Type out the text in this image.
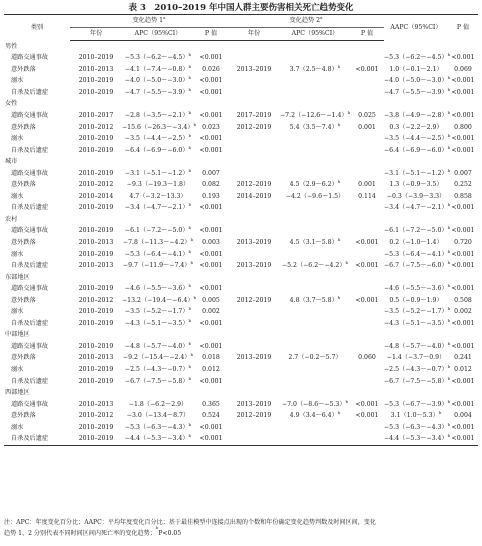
表 3　2010–2019 年中国人群主要伤害相关死亡趋势变化
类别	变化趋势 1$^a$			变化趋势 2$^a$			AAPC（95%CI）	P 值
	年份	APC（95%CI）	P 值	年份	APC（95%CI）	P 值		
男性								
道路交通事故	2010–2019	−5.3（−6.2～−4.5）$^b$	<0.001				−5.3（−6.2～−4.5）$^b$	<0.001
意外跌落	2010–2013	−4.1（−7.4～−0.8）$^b$	0.026	2013–2019	3.7（2.5～4.8）$^b$	<0.001	1.0（−0.1～2.1）	0.069
溺水	2010–2019	−4.0（−5.0～−3.0）$^b$	<0.001				−4.0（−5.0～−3.0）$^b$	<0.001
自杀及后遗症	2010–2019	−4.7（−5.5～−3.9）$^b$	<0.001				−4.7（−5.5～−3.9）$^b$	<0.001
女性								
道路交通事故	2010–2017	−2.8（−3.5～−2.1）$^b$	<0.001	2017–2019	−7.2（−12.6～−1.4）$^b$	0.025	−3.8（−4.9～−2.8）$^b$	<0.001
意外跌落	2010–2012	−15.6（−26.3～−3.4）$^b$	0.023	2012–2019	5.4（3.5～7.4）$^b$	0.001	0.3（−2.2～2.9）	0.800
溺水	2010–2019	−3.5（−4.4～−2.5）$^b$	<0.001				−3.5（−4.4～−2.5）$^b$	<0.001
自杀及后遗症	2010–2019	−6.4（−6.9～−6.0）$^b$	<0.001				−6.4（−6.9～−6.0）$^b$	<0.001
城市								
道路交通事故	2010–2019	−3.1（−5.1～−1.2）$^b$	0.007				−3.1（−5.1～−1.2）$^b$	0.007
意外跌落	2010–2012	−9.3（−19.3～1.8）	0.082	2012–2019	4.5（2.9～6.2）$^b$	0.001	1.3（−0.9～3.5）	0.252
溺水	2010–2014	4.7（−3.2～13.3）	0.193	2014–2019	−4.2（−9.6～1.5）	0.114	−0.3（−3.9～3.3）	0.858
自杀及后遗症	2010–2019	−3.4（−4.7～−2.1）$^b$	<0.001				−3.4（−4.7～−2.1）$^b$	<0.001
农村								
道路交通事故	2010–2019	−6.1（−7.2～−5.0）$^b$	<0.001				−6.1（−7.2～−5.0）$^b$	<0.001
意外跌落	2010–2013	−7.8（−11.3～−4.2）$^b$	0.003	2013–2019	4.5（3.1～5.8）$^b$	<0.001	0.2（−1.0～1.4）	0.720
溺水	2010–2019	−5.3（−6.4～−4.1）$^b$	<0.001				−5.3（−6.4～−4.1）$^b$	<0.001
自杀及后遗症	2010–2013	−9.7（−11.9～−7.4）$^b$	<0.001	2013–2019	−5.2（−6.2～−4.2）$^b$	<0.001	−6.7（−7.5～−6.0）$^b$	<0.001
东部地区								
道路交通事故	2010–2019	−4.6（−5.5～−3.6）$^b$	<0.001				−4.6（−5.5～−3.6）$^b$	<0.001
意外跌落	2010–2012	−13.2（−19.4～−6.4）$^b$	0.005	2012–2019	4.8（3.7～5.8）$^b$	<0.001	0.5（−0.9～1.9）	0.508
溺水	2010–2019	−3.5（−5.2～−1.7）$^b$	0.002				−3.5（−5.2～−1.7）$^b$	0.002
自杀及后遗症	2010–2019	−4.3（−5.1～−3.5）$^b$	<0.001				−4.3（−5.1～−3.5）$^b$	<0.001
中部地区								
道路交通事故	2010–2019	−4.8（−5.7～−4.0）$^b$	<0.001				−4.8（−5.7～−4.0）$^b$	<0.001
意外跌落	2010–2013	−9.2（−15.4～−2.4）$^b$	0.018	2013–2019	2.7（−0.2～5.7）	0.060	−1.4（−3.7～0.9）	0.241
溺水	2010–2019	−2.5（−4.3～−0.7）$^b$	0.012				−2.5（−4.3～−0.7）$^b$	0.012
自杀及后遗症	2010–2019	−6.7（−7.5～−5.8）$^b$	<0.001				−6.7（−7.5～−5.8）$^b$	<0.001
西部地区								
道路交通事故	2010–2013	−1.8（−6.2～2.9）	0.365	2013–2019	−7.0（−8.6～−5.3）$^b$	<0.001	−5.3（−6.7～−3.9）$^b$	<0.001
意外跌落	2010–2012	−3.0（−13.4～8.7）	0.524	2012–2019	4.9（3.4～6.4）$^b$	<0.001	3.1（1.0～5.3）$^b$	0.004
溺水	2010–2019	−5.3（−6.3～−4.3）$^b$	<0.001				−5.3（−6.3～−4.3）$^b$	<0.001
自杀及后遗症	2010–2019	−4.4（−5.3～−3.4）$^b$	<0.001				−4.4（−5.3～−3.4）$^b$	<0.001
注：APC：年度变化百分比；AAPC：平均年度变化百分比；基于最佳模型中连接点出现的个数和年份确定变化趋势判数及时间区间，变化
趋势 1、2 分别代表不同时间区间内死亡率的变化趋势；$^b$P<0.05
